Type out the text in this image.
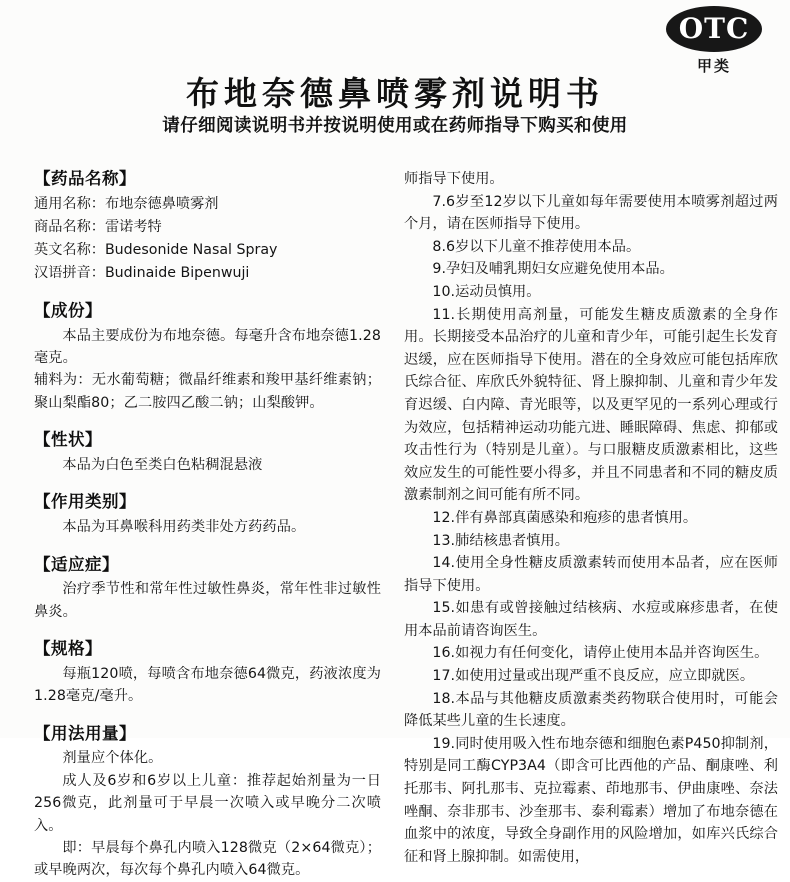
OTC
甲类
布地奈德鼻喷雾剂说明书
请仔细阅读说明书并按说明使用或在药师指导下购买和使用

【药品名称】

通用名称：布地奈德鼻喷雾剂

商品名称：雷诺考特

英文名称：Budesonide Nasal Spray

汉语拼音：Budinaide Bipenwuji

【成份】

本品主要成份为布地奈德。每毫升含布地奈德1.28毫克。

辅料为：无水葡萄糖；微晶纤维素和羧甲基纤维素钠；聚山梨酯80；乙二胺四乙酸二钠；山梨酸钾。

【性状】

本品为白色至类白色粘稠混悬液

【作用类别】

本品为耳鼻喉科用药类非处方药药品。

【适应症】

治疗季节性和常年性过敏性鼻炎，常年性非过敏性鼻炎。

【规格】

每瓶120喷，每喷含布地奈德64微克，药液浓度为1.28毫克/毫升。

【用法用量】

剂量应个体化。

成人及6岁和6岁以上儿童：推荐起始剂量为一日256微克，此剂量可于早晨一次喷入或早晚分二次喷入。

即：早晨每个鼻孔内喷入128微克（2×64微克）；或早晚两次，每次每个鼻孔内喷入64微克。

师指导下使用。

7.6岁至12岁以下儿童如每年需要使用本喷雾剂超过两个月，请在医师指导下使用。

8.6岁以下儿童不推荐使用本品。

9.孕妇及哺乳期妇女应避免使用本品。

10.运动员慎用。

11.长期使用高剂量，可能发生糖皮质激素的全身作用。长期接受本品治疗的儿童和青少年，可能引起生长发育迟缓，应在医师指导下使用。潜在的全身效应可能包括库欣氏综合征、库欣氏外貌特征、肾上腺抑制、儿童和青少年发育迟缓、白内障、青光眼等，以及更罕见的一系列心理或行为效应，包括精神运动功能亢进、睡眠障碍、焦虑、抑郁或攻击性行为（特别是儿童）。与口服糖皮质激素相比，这些效应发生的可能性要小得多，并且不同患者和不同的糖皮质激素制剂之间可能有所不同。

12.伴有鼻部真菌感染和疱疹的患者慎用。

13.肺结核患者慎用。

14.使用全身性糖皮质激素转而使用本品者，应在医师指导下使用。

15.如患有或曾接触过结核病、水痘或麻疹患者，在使用本品前请咨询医生。

16.如视力有任何变化，请停止使用本品并咨询医生。

17.如使用过量或出现严重不良反应，应立即就医。

18.本品与其他糖皮质激素类药物联合使用时，可能会降低某些儿童的生长速度。

19.同时使用吸入性布地奈德和细胞色素P450抑制剂，特别是同工酶CYP3A4（即含可比西他的产品、酮康唑、利托那韦、阿扎那韦、克拉霉素、茚地那韦、伊曲康唑、奈法唑酮、奈非那韦、沙奎那韦、泰利霉素）增加了布地奈德在血浆中的浓度，导致全身副作用的风险增加，如库兴氏综合征和肾上腺抑制。如需使用，
